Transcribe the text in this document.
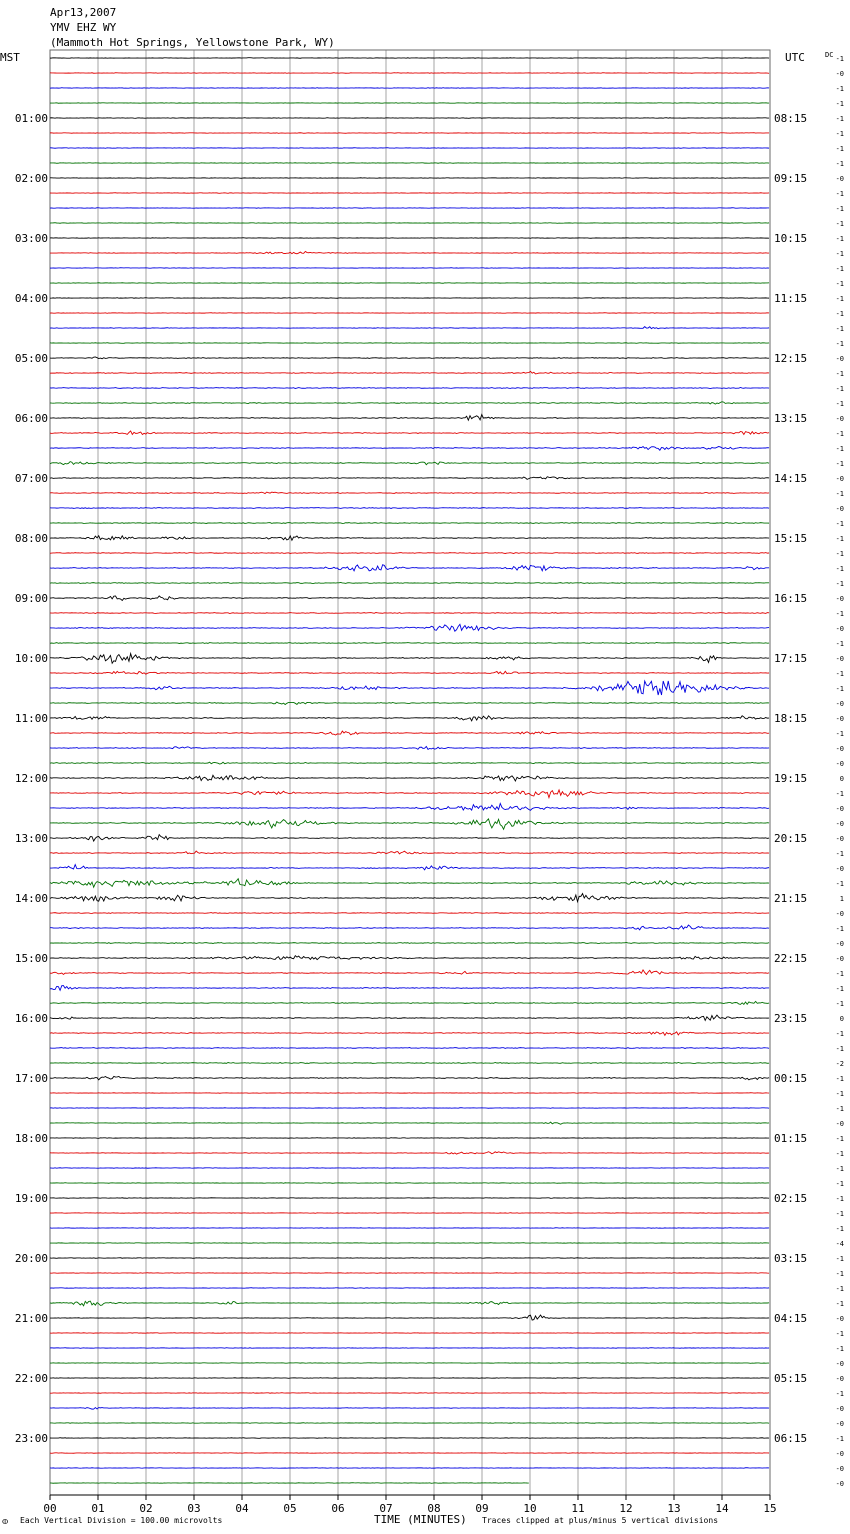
Apr13,2007
YMV EHZ WY
(Mammoth Hot Springs, Yellowstone Park, WY)
MST	UTC	DC
01:00
02:00
03:00
04:00
05:00
06:00
07:00
08:00
09:00
10:00
11:00
12:00
13:00
14:00
15:00
16:00
17:00
18:00
19:00
20:00
21:00
22:00
23:00
08:15
09:15
10:15
11:15
12:15
13:15
14:15
15:15
16:15
17:15
18:15
19:15
20:15
21:15
22:15
23:15
00:15
01:15
02:15
03:15
04:15
05:15
06:15
-1
-0
-1
-1
-1
-1
-1
-1
-0
-1
-1
-1
-1
-1
-1
-1
-1
-1
-1
-1
-0
-1
-1
-1
-0
-1
-1
-1
-0
-1
-0
-1
-1
-1
-1
-1
-0
-1
-0
-1
-0
-1
-1
-0
-0
-1
-0
-0
0
-1
-0
-0
-0
-1
-0
-1
1
-0
-1
-0
-0
-1
-1
-1
0
-1
-1
-2
-1
-1
-1
-0
-1
-1
-1
-1
-1
-1
-1
-4
-1
-1
-1
-1
-0
-1
-1
-0
-0
-1
-0
-0
-1
-0
-0
-0
00	01	02	03	04	05	06	07	08	09	10	11	12	13	14	15
ⵀ Each Vertical Division = 100.00 microvolts	TIME (MINUTES) Traces clipped at plus/minus 5 vertical divisions
